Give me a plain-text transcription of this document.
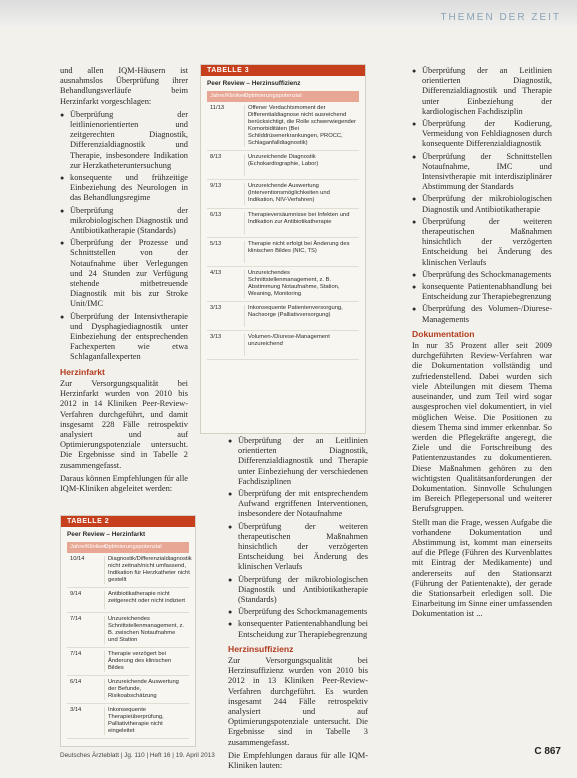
THEMEN DER ZEIT

und allen IQM-Häusern ist ausnahmslos Überprüfung ihrer Behandlungsverläufe beim Herzinfarkt vorgeschlagen:

● Überprüfung der leitlinienorientierten und zeitgerechten Diagnostik, Differenzialdiagnostik und Therapie, insbesondere Indikation zur Herzkatheteruntersuchung
● konsequente und frühzeitige Einbeziehung des Neurologen in das Behandlungsregime
● Überprüfung der mikrobiologischen Diagnostik und Antibiotikatherapie (Standards)
● Überprüfung der Prozesse und Schnittstellen von der Notaufnahme über Verlegungen und 24 Stunden zur Verfügung stehende mitbetreuende Diagnostik mit bis zur Stroke Unit/IMC
● Überprüfung der Intensivtherapie und Dysphagiediagnostik unter Einbeziehung der entsprechenden Fachexperten wie etwa Schlaganfallexperten
Herzinfarkt

Zur Versorgungsqualität bei Herzinfarkt wurden von 2010 bis 2012 in 14 Kliniken Peer-Review-Verfahren durchgeführt, und damit insgesamt 228 Fälle retrospektiv analysiert und auf Optimierungspotenziale untersucht. Die Ergebnisse sind in Tabelle 2 zusammengefasst.

Daraus können Empfehlungen für alle IQM-Kliniken abgeleitet werden:

TABELLE 3
Peer Review – Herzinsuffizienz
Jahre/Kliniken
Optimierungspotenzial
11/13	Offener Verdachtsmoment der Differentialdiagnose nicht ausreichend berücksichtigt, die Rolle schwerwiegender Komorbiditäten (Bei Schilddrüsenerkrankungen, PROCC, Schlaganfalldiagnostik)
8/13	Unzureichende Diagnostik (Echokardiographie, Labor)
9/13	Unzureichende Auswertung (Interventionsmöglichkeiten und Indikation, NIV-Verfahren)
6/13	Therapieversäumnisse bei Infekten und Indikation zur Antibiotikatherapie
5/13	Therapie nicht erfolgt bei Änderung des klinischen Bildes (NIC, TS)
4/13	Unzureichendes Schnittstellenmanagement, z. B. Abstimmung Notaufnahme, Station, Weaning, Monitoring
3/13	Inkonsequente Patientenversorgung, Nachsorge (Palliativversorgung)
3/13	Volumen-/Diurese-Management unzureichend
TABELLE 2
Peer Review – Herzinfarkt
Jahre/Kliniken
Optimierungspotenzial
10/14	Diagnostik/Differenzialdiagnostik nicht zeitnah/nicht umfassend, Indikation für Herzkatheter nicht gestellt
9/14	Antibiotikatherapie nicht zeitgerecht oder nicht indiziert
7/14	Unzureichendes Schnittstellenmanagement, z. B. zwischen Notaufnahme und Station
7/14	Therapie verzögert bei Änderung des klinischen Bildes
6/14	Unzureichende Auswertung der Befunde, Risikoabschätzung
3/14	Inkonsequente Therapieüberprüfung, Palliativtherapie nicht eingeleitet
● Überprüfung der an Leitlinien orientierten Diagnostik, Differenzialdiagnostik und Therapie unter Einbeziehung der verschiedenen Fachdisziplinen
● Überprüfung der mit entsprechendem Aufwand ergriffenen Interventionen, insbesondere der Notaufnahme
● Überprüfung der weiteren therapeutischen Maßnahmen hinsichtlich der verzögerten Entscheidung bei Änderung des klinischen Verlaufs
● Überprüfung der mikrobiologischen Diagnostik und Antibiotikatherapie (Standards)
● Überprüfung des Schockmanagements
● konsequenter Patientenabhandlung bei Entscheidung zur Therapiebegrenzung
Herzinsuffizienz

Zur Versorgungsqualität bei Herzinsuffizienz wurden von 2010 bis 2012 in 13 Kliniken Peer-Review-Verfahren durchgeführt. Es wurden insgesamt 244 Fälle retrospektiv analysiert und auf Optimierungspotenziale untersucht. Die Ergebnisse sind in Tabelle 3 zusammengefasst.

Die Empfehlungen daraus für alle IQM-Kliniken lauten:

● Überprüfung der an Leitlinien orientierten Diagnostik, Differenzialdiagnostik und Therapie unter Einbeziehung der kardiologischen Fachdisziplin
● Überprüfung der Kodierung, Vermeidung von Fehldiagnosen durch konsequente Differenzialdiagnostik
● Überprüfung der Schnittstellen Notaufnahme, IMC und Intensivtherapie mit interdisziplinärer Abstimmung der Standards
● Überprüfung der mikrobiologischen Diagnostik und Antibiotikatherapie
● Überprüfung der weiteren therapeutischen Maßnahmen hinsichtlich der verzögerten Entscheidung bei Änderung des klinischen Verlaufs
● Überprüfung des Schockmanagements
● konsequente Patientenabhandlung bei Entscheidung zur Therapiebegrenzung
● Überprüfung des Volumen-/Diurese-Managements
Dokumentation

In nur 35 Prozent aller seit 2009 durchgeführten Review-Verfahren war die Dokumentation vollständig und zufriedenstellend. Dabei wurden sich viele Abteilungen mit diesem Thema auseinander, und zum Teil wird sogar ausgesprochen viel dokumentiert, in viel möglichen Weise. Die Positionen zu diesem Thema sind immer erkennbar. So werden die Pflegekräfte angeregt, die Ziele und die Fortschreibung des Patientenzustandes zu dokumentieren. Diese Maßnahmen gehören zu den wichtigsten Qualitätsanforderungen der Dokumentation. Sinnvolle Schulungen im Bereich Pflegepersonal und weiterer Berufsgruppen.

Stellt man die Frage, wessen Aufgabe die vorhandene Dokumentation und Abstimmung ist, kommt man einerseits auf die Pflege (Führen des Kurvenblattes mit Eintrag der Medikamente) und andererseits auf den Stationsarzt (Führung der Patientenakte), der gerade die Stationsarbeit erledigen soll. Die Einarbeitung im Sinne einer umfassenden Dokumentation ist ...

Deutsches Ärzteblatt | Jg. 110 | Heft 16 | 19. April 2013	C 867
